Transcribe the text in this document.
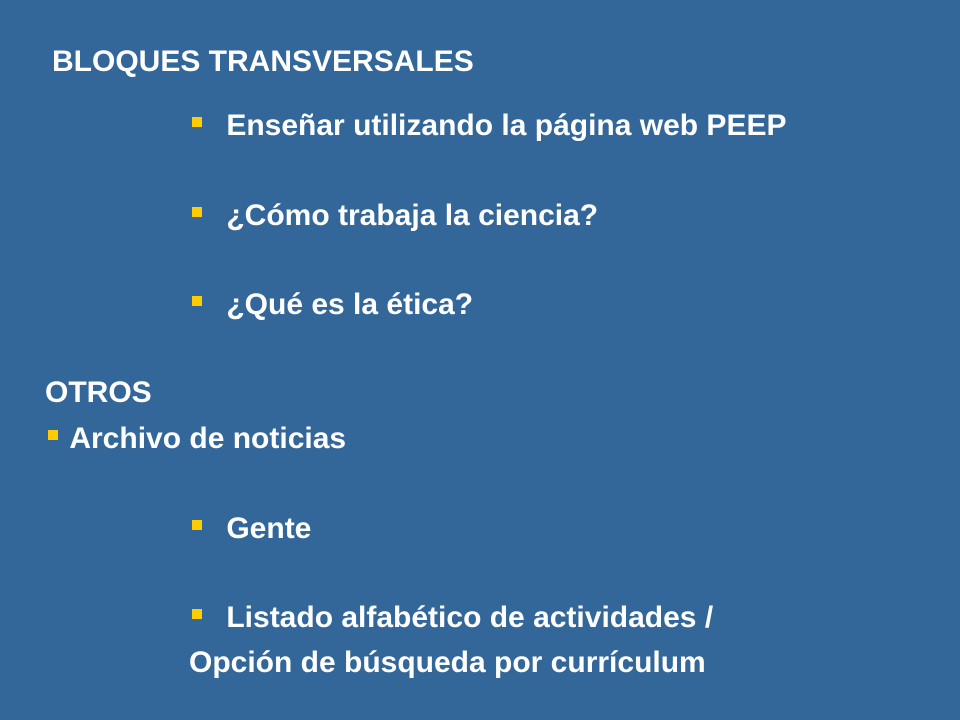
BLOQUES TRANSVERSALES
Enseñar utilizando la página web PEEP
¿Cómo trabaja la ciencia?
¿Qué es la ética?
OTROS
Archivo de noticias
Gente
Listado alfabético de actividades /
Opción de búsqueda por currículum
